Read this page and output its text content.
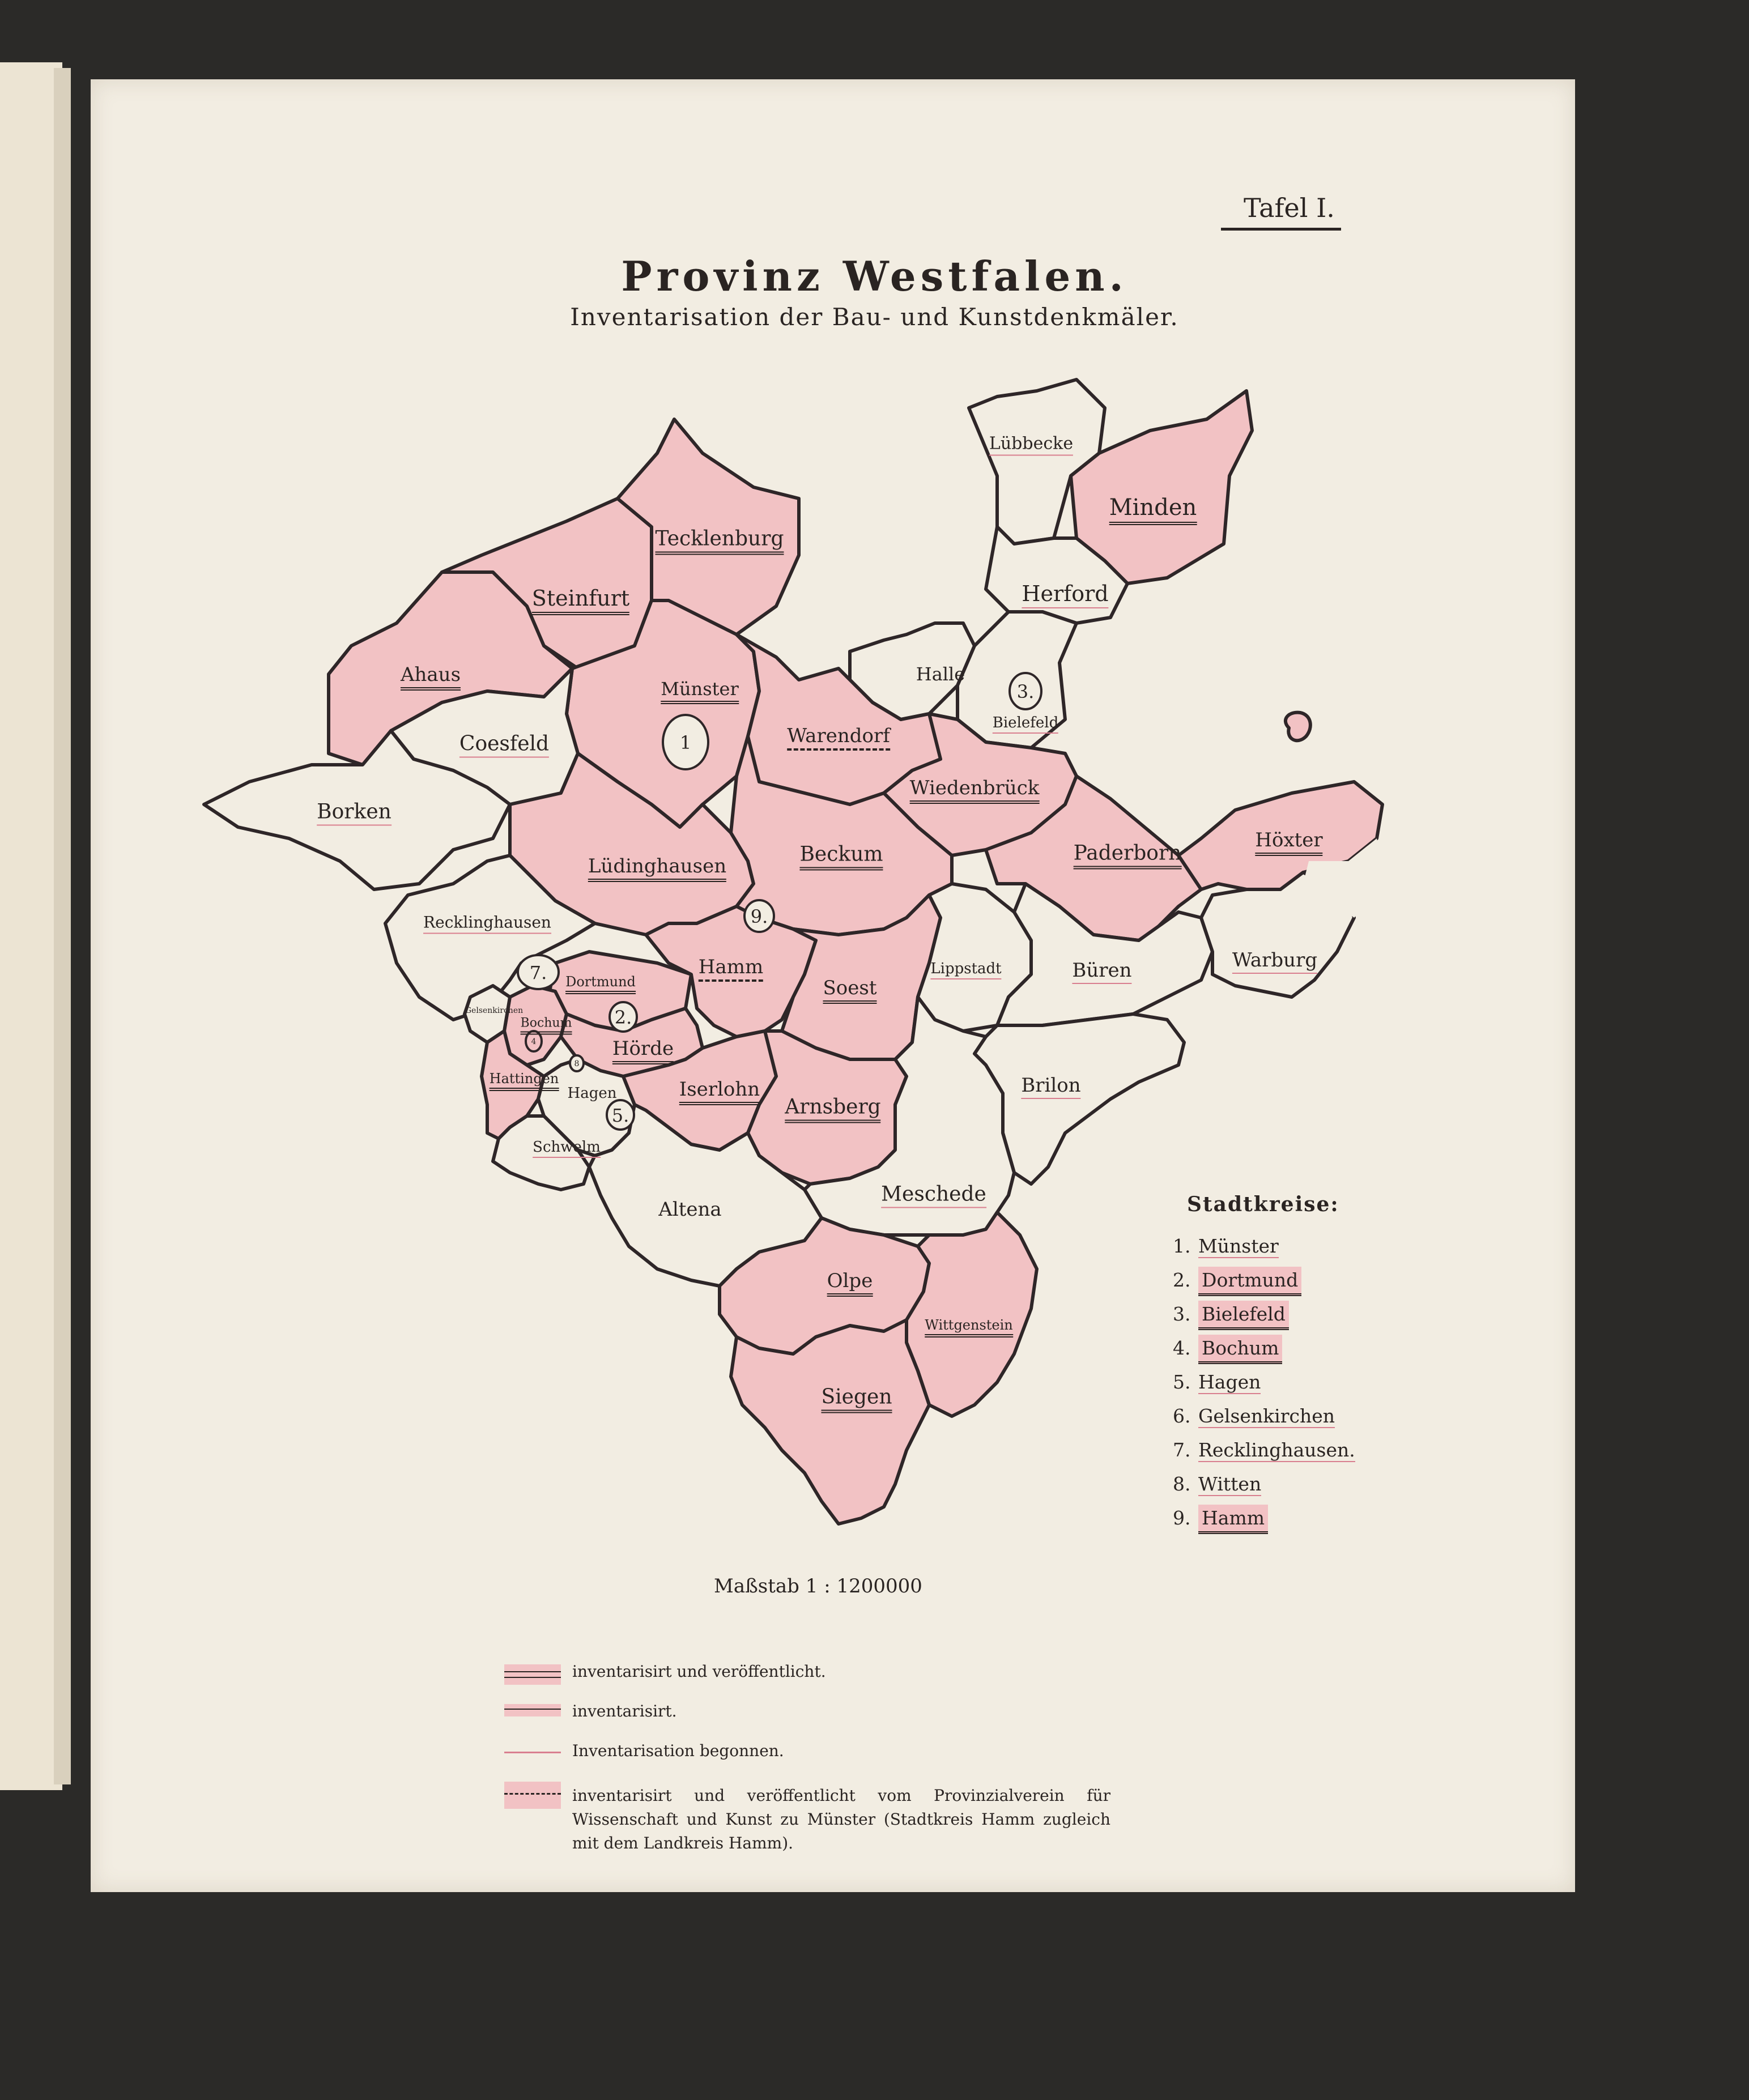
Tafel I.
Provinz Westfalen.
Inventarisation der Bau- und Kunstdenkmäler.
1
2.
3.
4
5.
7.
8
9.
Ahaus
Steinfurt
Tecklenburg
Lübbecke
Minden
Herford
Halle
Bielefeld
Münster
Coesfeld
Borken
Warendorf
Wiedenbrück
Paderborn
Höxter
Lüdinghausen
Beckum
Recklinghausen
Dortmund
Hamm
Soest
Lippstadt	Büren	Warburg
Bochum
Gelsenkirchen
Hörde
Hattingen
Hagen	Iserlohn
Arnsberg
Brilon
Schwelm
Meschede
Altena
Olpe
Wittgenstein
Siegen
Maßstab 1 : 1200000
inventarisirt und veröffentlicht.
inventarisirt.
Inventarisation begonnen.
inventarisirt und veröffentlicht vom Provinzialverein für Wissenschaft und Kunst zu Münster (Stadtkreis Hamm zugleich mit dem Landkreis Hamm).
Stadtkreise:
1. Münster
2. Dortmund
3. Bielefeld
4. Bochum
5. Hagen
6. Gelsenkirchen
7. Recklinghausen.
8. Witten
9. Hamm
